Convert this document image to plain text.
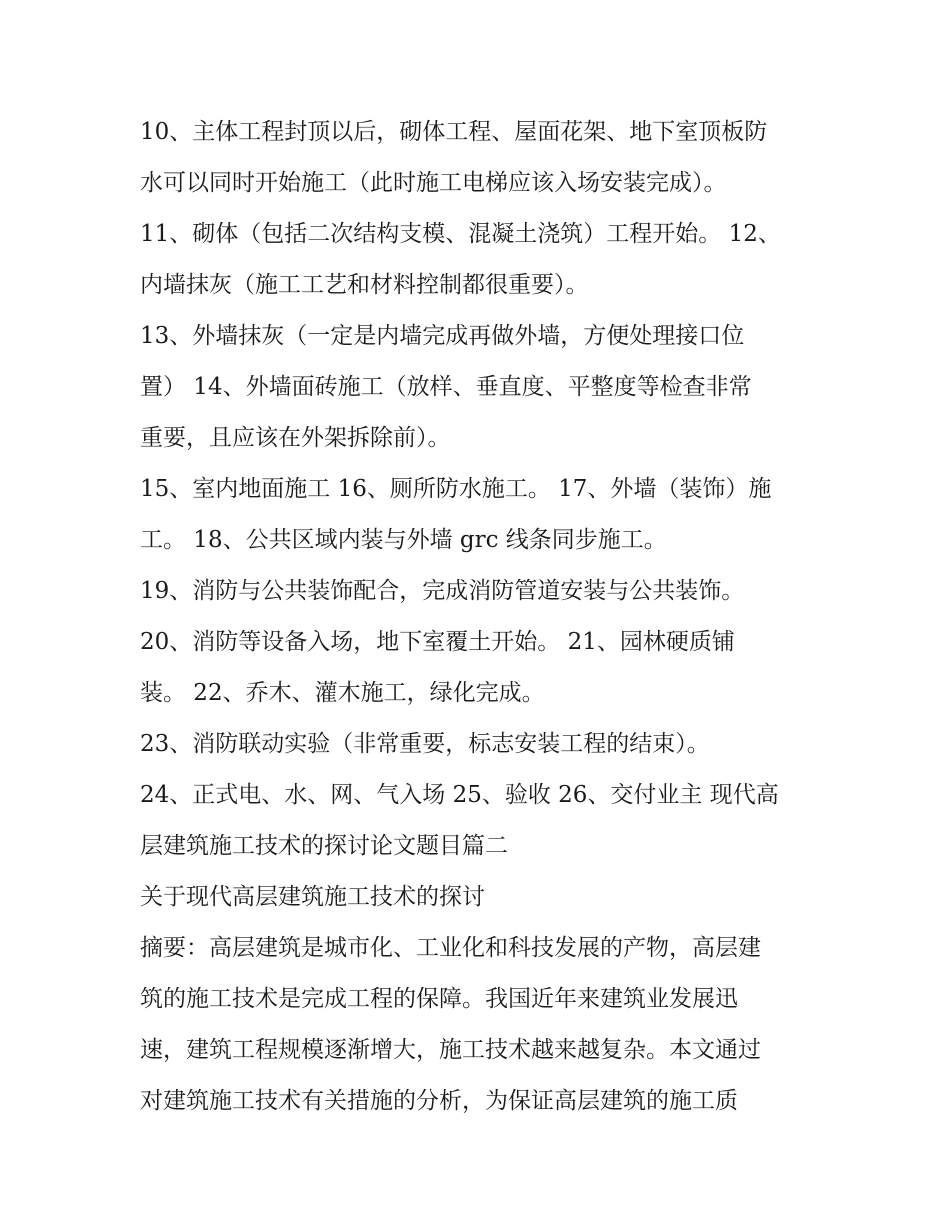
10、主体工程封顶以后，砌体工程、屋面花架、地下室顶板防
水可以同时开始施工（此时施工电梯应该入场安装完成）。
11、砌体（包括二次结构支模、混凝土浇筑）工程开始。 12、
内墙抹灰（施工工艺和材料控制都很重要）。
13、外墙抹灰（一定是内墙完成再做外墙，方便处理接口位
置） 14、外墙面砖施工（放样、垂直度、平整度等检查非常
重要，且应该在外架拆除前）。
15、室内地面施工 16、厕所防水施工。 17、外墙（装饰）施
工。 18、公共区域内装与外墙 grc 线条同步施工。
19、消防与公共装饰配合，完成消防管道安装与公共装饰。
20、消防等设备入场，地下室覆土开始。 21、园林硬质铺
装。 22、乔木、灌木施工，绿化完成。
23、消防联动实验（非常重要，标志安装工程的结束）。
24、正式电、水、网、气入场 25、验收 26、交付业主 现代高
层建筑施工技术的探讨论文题目篇二
关于现代高层建筑施工技术的探讨
摘要：高层建筑是城市化、工业化和科技发展的产物，高层建
筑的施工技术是完成工程的保障。我国近年来建筑业发展迅
速，建筑工程规模逐渐增大，施工技术越来越复杂。本文通过
对建筑施工技术有关措施的分析，为保证高层建筑的施工质
